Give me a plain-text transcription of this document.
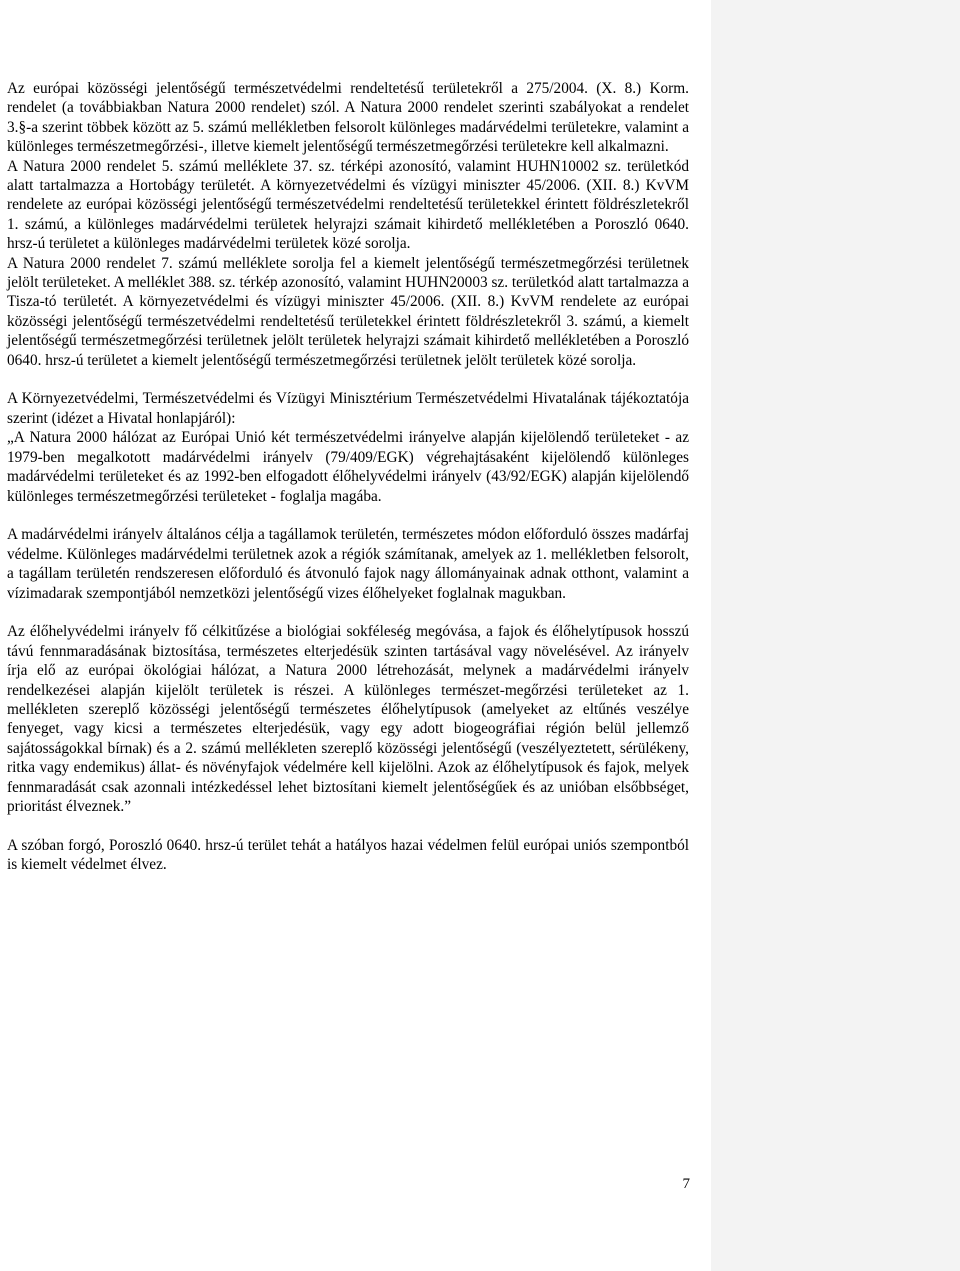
Az európai közösségi jelentőségű természetvédelmi rendeltetésű területekről a 275/2004. (X. 8.) Korm. rendelet (a továbbiakban Natura 2000 rendelet) szól. A Natura 2000 rendelet szerinti szabályokat a rendelet 3.§-a szerint többek között az 5. számú mellékletben felsorolt különleges madárvédelmi területekre, valamint a különleges természetmegőrzési-, illetve kiemelt jelentőségű természetmegőrzési területekre kell alkalmazni.

A Natura 2000 rendelet 5. számú melléklete 37. sz. térképi azonosító, valamint HUHN10002 sz. területkód alatt tartalmazza a Hortobágy területét. A környezetvédelmi és vízügyi miniszter 45/2006. (XII. 8.) KvVM rendelete az európai közösségi jelentőségű természetvédelmi rendeltetésű területekkel érintett földrészletekről 1. számú, a különleges madárvédelmi területek helyrajzi számait kihirdető mellékletében a Poroszló 0640. hrsz-ú területet a különleges madárvédelmi területek közé sorolja.

A Natura 2000 rendelet 7. számú melléklete sorolja fel a kiemelt jelentőségű természetmegőrzési területnek jelölt területeket. A melléklet 388. sz. térkép azonosító, valamint HUHN20003 sz. területkód alatt tartalmazza a Tisza-tó területét. A környezetvédelmi és vízügyi miniszter 45/2006. (XII. 8.) KvVM rendelete az európai közösségi jelentőségű természetvédelmi rendeltetésű területekkel érintett földrészletekről 3. számú, a kiemelt jelentőségű természetmegőrzési területnek jelölt területek helyrajzi számait kihirdető mellékletében a Poroszló 0640. hrsz-ú területet a kiemelt jelentőségű természetmegőrzési területnek jelölt területek közé sorolja.

A Környezetvédelmi, Természetvédelmi és Vízügyi Minisztérium Természetvédelmi Hivatalának tájékoztatója szerint (idézet a Hivatal honlapjáról):

„A Natura 2000 hálózat az Európai Unió két természetvédelmi irányelve alapján kijelölendő területeket - az 1979-ben megalkotott madárvédelmi irányelv (79/409/EGK) végrehajtásaként kijelölendő különleges madárvédelmi területeket és az 1992-ben elfogadott élőhelyvédelmi irányelv (43/92/EGK) alapján kijelölendő különleges természetmegőrzési területeket - foglalja magába.

A madárvédelmi irányelv általános célja a tagállamok területén, természetes módon előforduló összes madárfaj védelme. Különleges madárvédelmi területnek azok a régiók számítanak, amelyek az 1. mellékletben felsorolt, a tagállam területén rendszeresen előforduló és átvonuló fajok nagy állományainak adnak otthont, valamint a vízimadarak szempontjából nemzetközi jelentőségű vizes élőhelyeket foglalnak magukban.

Az élőhelyvédelmi irányelv fő célkitűzése a biológiai sokféleség megóvása, a fajok és élőhelytípusok hosszú távú fennmaradásának biztosítása, természetes elterjedésük szinten tartásával vagy növelésével. Az irányelv írja elő az európai ökológiai hálózat, a Natura 2000 létrehozását, melynek a madárvédelmi irányelv rendelkezései alapján kijelölt területek is részei. A különleges természet-megőrzési területeket az 1. mellékleten szereplő közösségi jelentőségű természetes élőhelytípusok (amelyeket az eltűnés veszélye fenyeget, vagy kicsi a természetes elterjedésük, vagy egy adott biogeográfiai régión belül jellemző sajátosságokkal bírnak) és a 2. számú mellékleten szereplő közösségi jelentőségű (veszélyeztetett, sérülékeny, ritka vagy endemikus) állat- és növényfajok védelmére kell kijelölni. Azok az élőhelytípusok és fajok, melyek fennmaradását csak azonnali intézkedéssel lehet biztosítani kiemelt jelentőségűek és az unióban elsőbbséget, prioritást élveznek.”

A szóban forgó, Poroszló 0640. hrsz-ú terület tehát a hatályos hazai védelmen felül európai uniós szempontból is kiemelt védelmet élvez.

7
